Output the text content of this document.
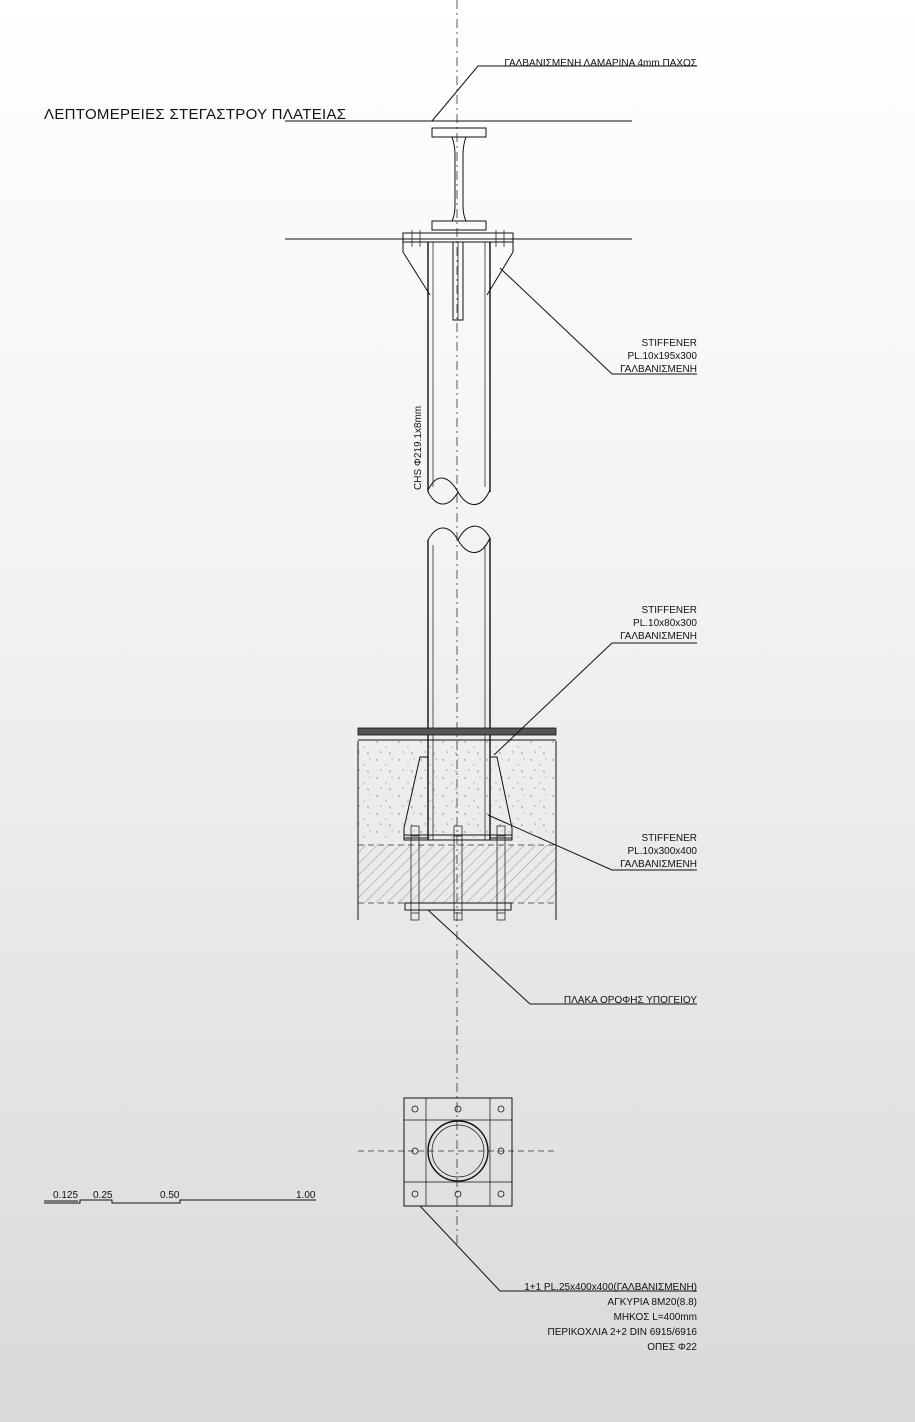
ΛΕΠΤΟΜΕΡΕΙΕΣ ΣΤΕΓΑΣΤΡΟΥ ΠΛΑΤΕΙΑΣ
0.125 0.25	0.50	1.00
ΓΑΛΒΑΝΙΣΜΕΝΗ ΛΑΜΑΡΙΝΑ 4mm ΠΑΧΟΣ
STIFFENER
PL.10x195x300
ΓΑΛΒΑΝΙΣΜΕΝΗ
CHS Φ219.1x8mm
STIFFENER
PL.10x80x300
ΓΑΛΒΑΝΙΣΜΕΝΗ
STIFFENER
PL.10x300x400
ΓΑΛΒΑΝΙΣΜΕΝΗ
ΠΛΑΚΑ ΟΡΟΦΗΣ ΥΠΟΓΕΙΟΥ
1+1 PL.25x400x400(ΓΑΛΒΑΝΙΣΜΕΝΗ)
ΑΓΚΥΡΙΑ 8M20(8.8)
ΜΗΚΟΣ L=400mm
ΠΕΡΙΚΟΧΛΙΑ 2+2 DIN 6915/6916
ΟΠΕΣ Φ22
